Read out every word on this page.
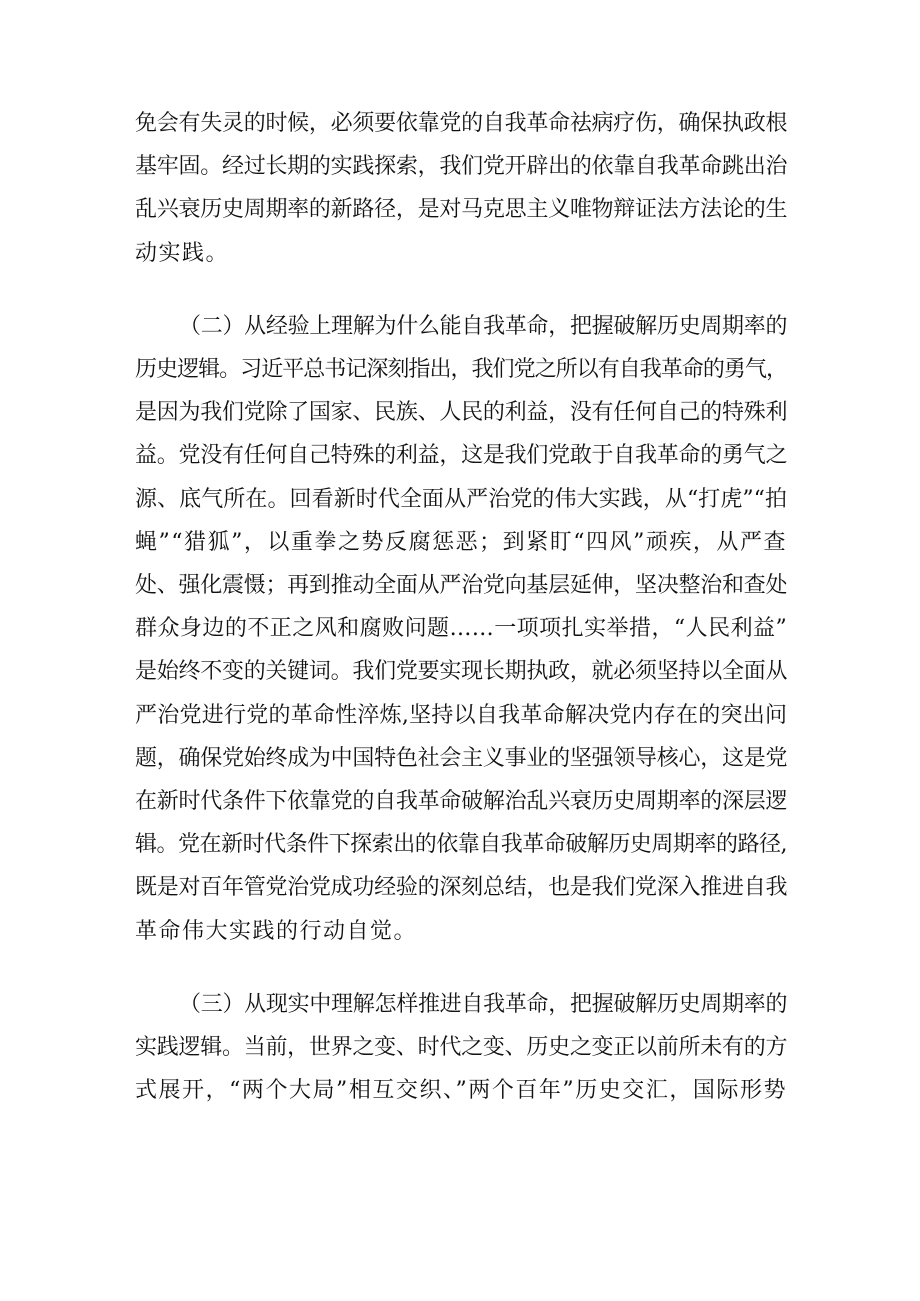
免会有失灵的时候，必须要依靠党的自我革命祛病疗伤，确保执政根
基牢固。经过长期的实践探索，我们党开辟出的依靠自我革命跳出治
乱兴衰历史周期率的新路径，是对马克思主义唯物辩证法方法论的生
动实践。

（二）从经验上理解为什么能自我革命，把握破解历史周期率的
历史逻辑。习近平总书记深刻指出，我们党之所以有自我革命的勇气，
是因为我们党除了国家、民族、人民的利益，没有任何自己的特殊利
益。党没有任何自己特殊的利益，这是我们党敢于自我革命的勇气之
源、底气所在。回看新时代全面从严治党的伟大实践，从“打虎”“拍
蝇”“猎狐”，以重拳之势反腐惩恶；到紧盯“四风”顽疾，从严查
处、强化震慑；再到推动全面从严治党向基层延伸，坚决整治和查处
群众身边的不正之风和腐败问题……一项项扎实举措，“人民利益”
是始终不变的关键词。我们党要实现长期执政，就必须坚持以全面从
严治党进行党的革命性淬炼,坚持以自我革命解决党内存在的突出问
题，确保党始终成为中国特色社会主义事业的坚强领导核心，这是党
在新时代条件下依靠党的自我革命破解治乱兴衰历史周期率的深层逻
辑。党在新时代条件下探索出的依靠自我革命破解历史周期率的路径,
既是对百年管党治党成功经验的深刻总结，也是我们党深入推进自我
革命伟大实践的行动自觉。

（三）从现实中理解怎样推进自我革命，把握破解历史周期率的
实践逻辑。当前，世界之变、时代之变、历史之变正以前所未有的方
式展开，“两个大局”相互交织、”两个百年”历史交汇，国际形势
